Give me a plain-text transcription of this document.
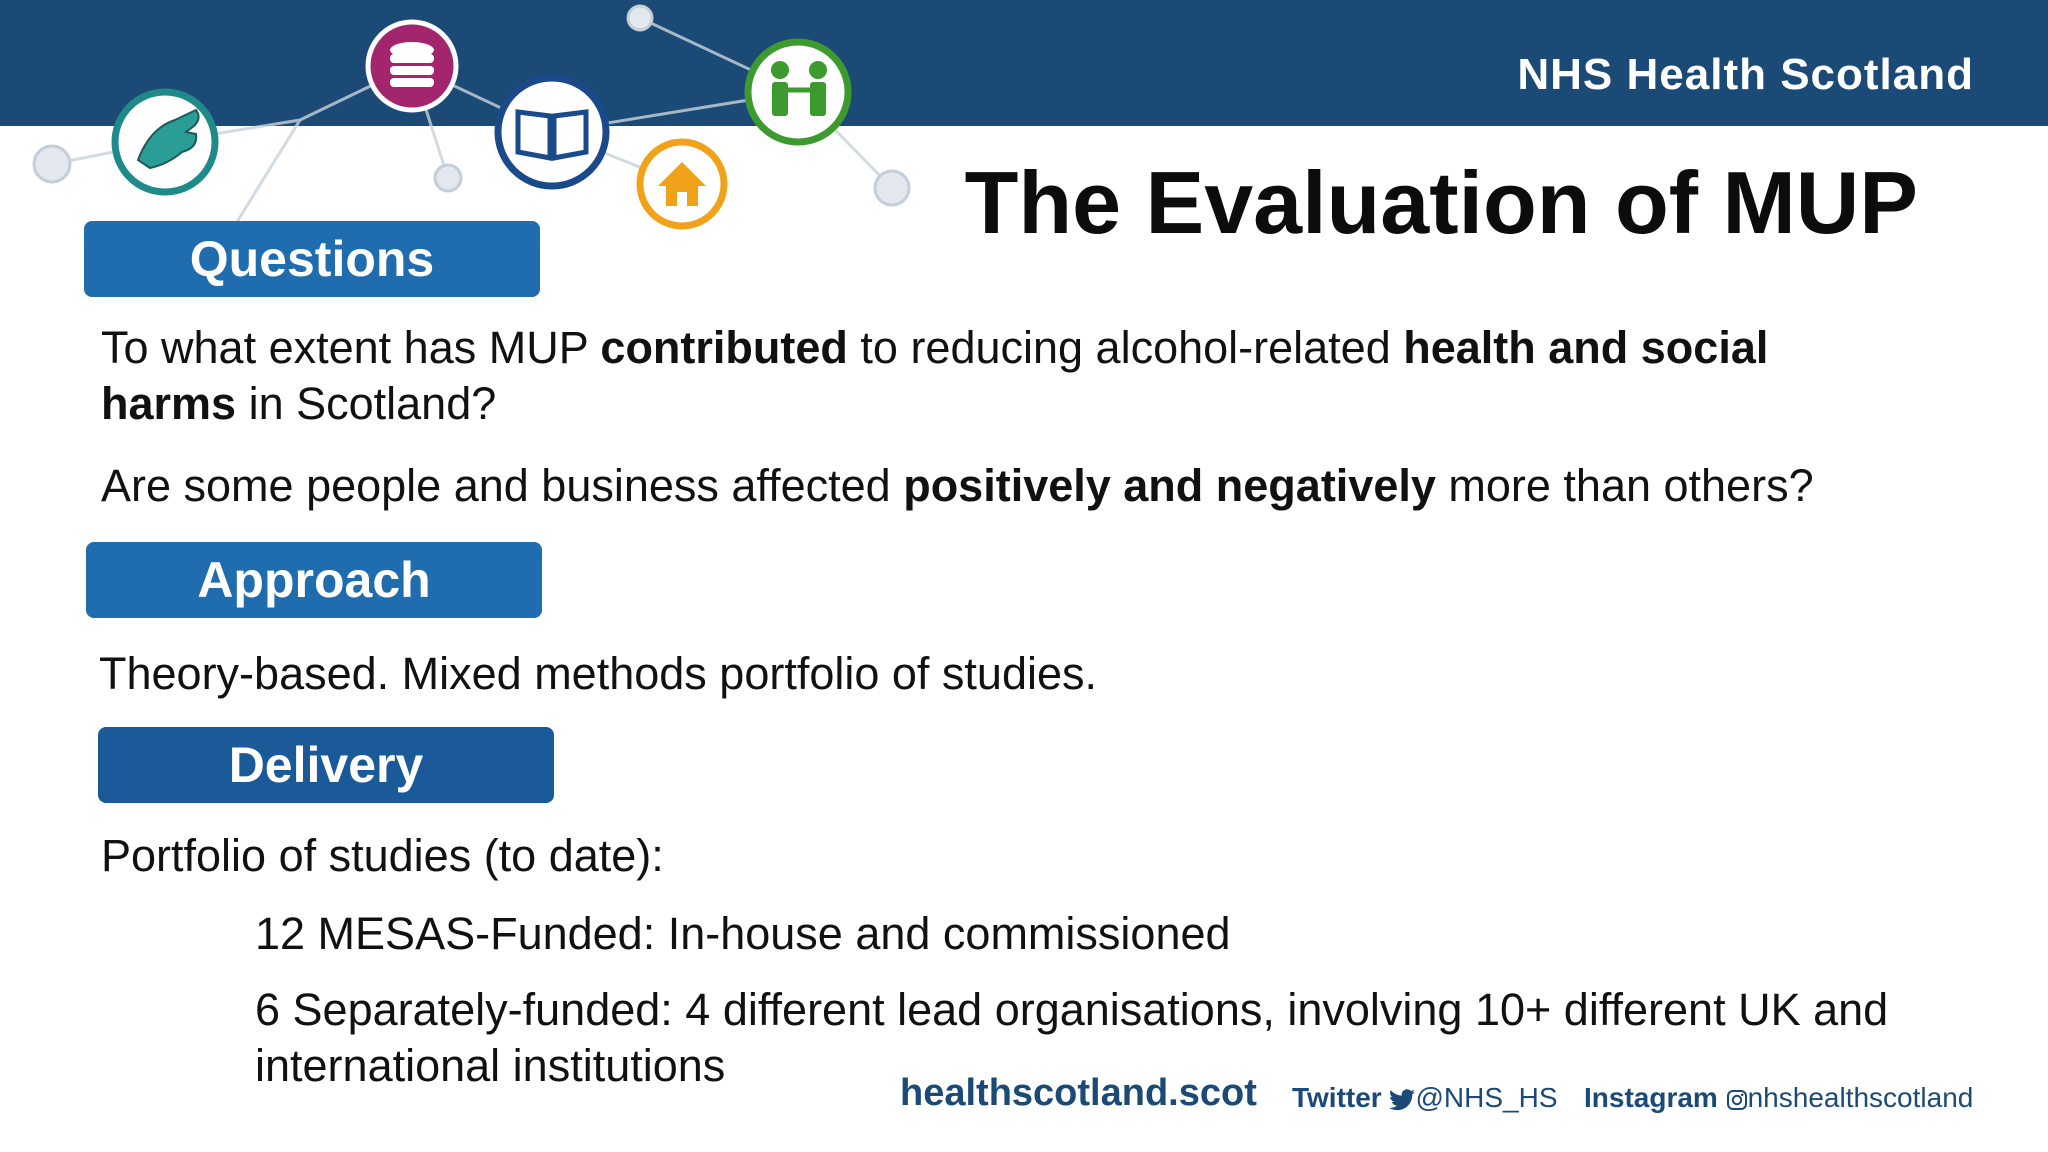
NHS Health Scotland
The Evaluation of MUP
Questions
To what extent has MUP contributed to reducing alcohol-related health and social harms in Scotland?
Are some people and business affected positively and negatively more than others?
Approach
Theory-based. Mixed methods portfolio of studies.
Delivery
Portfolio of studies (to date):
12 MESAS-Funded: In-house and commissioned
6 Separately-funded: 4 different lead organisations, involving 10+ different UK and international institutions
healthscotland.scot Twitter @NHS_HS Instagram nhshealthscotland
